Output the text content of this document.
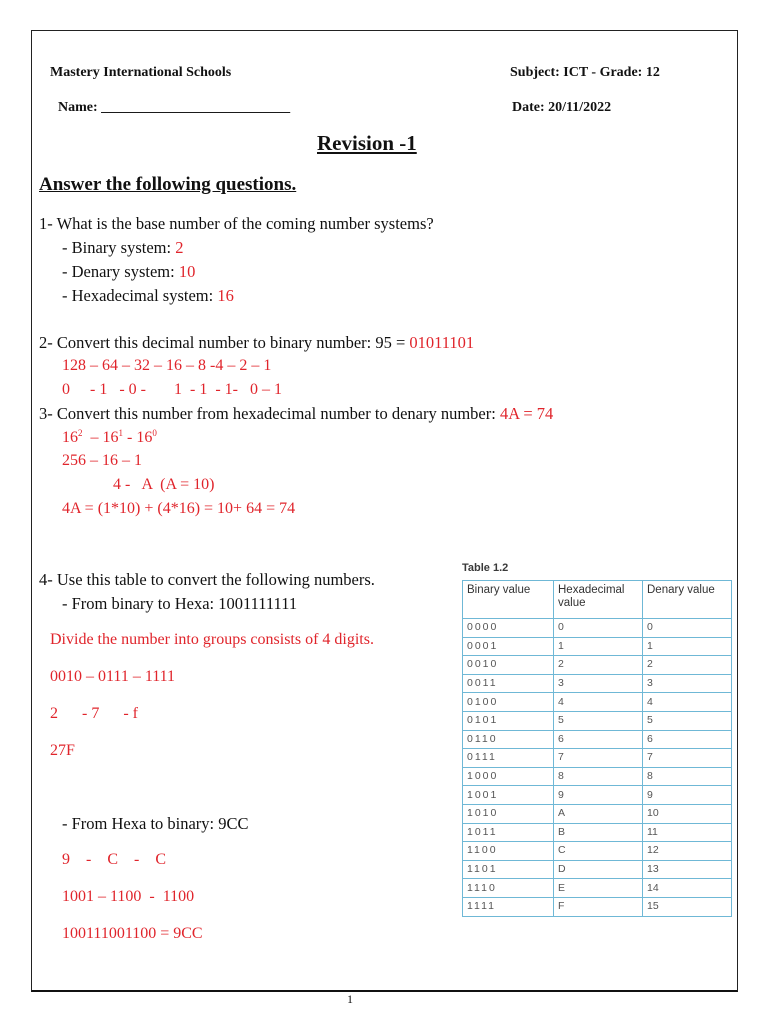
Mastery International Schools	Subject: ICT - Grade: 12
Name: ___________________________	Date: 20/11/2022
Revision -1
Answer the following questions.
1- What is the base number of the coming number systems?
- Binary system: 2
- Denary system: 10
- Hexadecimal system: 16
2- Convert this decimal number to binary number: 95 = 01011101
128 – 64 – 32 – 16 – 8 -4 – 2 – 1
0     - 1   - 0 -       1  - 1  - 1-   0 – 1
3- Convert this number from hexadecimal number to denary number: 4A = 74
$16^2 - 16^1 - 16^0$
256 – 16 – 1
4 -   A  (A = 10)
4A = (1*10) + (4*16) = 10+ 64 = 74
4- Use this table to convert the following numbers.
- From binary to Hexa: 1001111111
Divide the number into groups consists of 4 digits.
0010 – 0111 – 1111
2      - 7      - f
27F
- From Hexa to binary: 9CC
9    -    C    -    C
1001 – 1100  -  1100
100111001100 = 9CC
Table 1.2
Binary value	Hexadecimal value	Denary value
0000	0	0
0001	1	1
0010	2	2
0011	3	3
0100	4	4
0101	5	5
0110	6	6
0111	7	7
1000	8	8
1001	9	9
1010	A	10
1011	B	11
1100	C	12
1101	D	13
1110	E	14
1111	F	15
1
